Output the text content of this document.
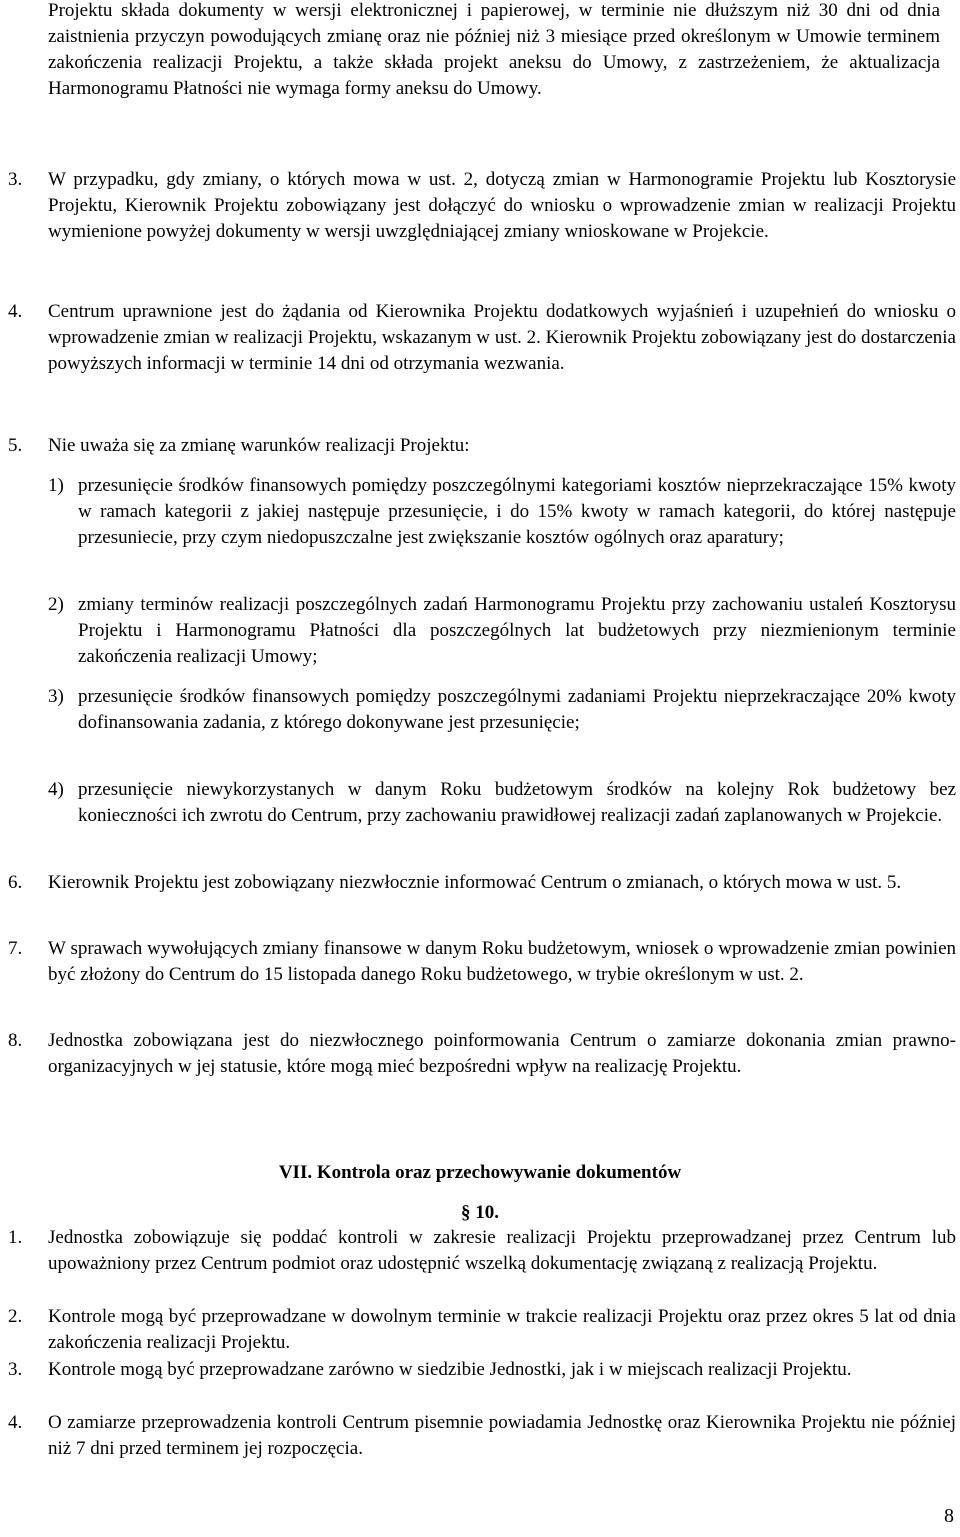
Projektu składa dokumenty w wersji elektronicznej i papierowej, w terminie nie dłuższym niż 30 dni od dnia zaistnienia przyczyn powodujących zmianę oraz nie później niż 3 miesiące przed określonym w Umowie terminem zakończenia realizacji Projektu, a także składa projekt aneksu do Umowy, z zastrzeżeniem, że aktualizacja Harmonogramu Płatności nie wymaga formy aneksu do Umowy.
3. W przypadku, gdy zmiany, o których mowa w ust. 2, dotyczą zmian w Harmonogramie Projektu lub Kosztorysie Projektu, Kierownik Projektu zobowiązany jest dołączyć do wniosku o wprowadzenie zmian w realizacji Projektu wymienione powyżej dokumenty w wersji uwzględniającej zmiany wnioskowane w Projekcie.
4. Centrum uprawnione jest do żądania od Kierownika Projektu dodatkowych wyjaśnień i uzupełnień do wniosku o wprowadzenie zmian w realizacji Projektu, wskazanym w ust. 2. Kierownik Projektu zobowiązany jest do dostarczenia powyższych informacji w terminie 14 dni od otrzymania wezwania.
5. Nie uważa się za zmianę warunków realizacji Projektu:
1) przesunięcie środków finansowych pomiędzy poszczególnymi kategoriami kosztów nieprzekraczające 15% kwoty w ramach kategorii z jakiej następuje przesunięcie, i do 15% kwoty w ramach kategorii, do której następuje przesuniecie, przy czym niedopuszczalne jest zwiększanie kosztów ogólnych oraz aparatury;
2) zmiany terminów realizacji poszczególnych zadań Harmonogramu Projektu przy zachowaniu ustaleń Kosztorysu Projektu i Harmonogramu Płatności dla poszczególnych lat budżetowych przy niezmienionym terminie zakończenia realizacji Umowy;
3) przesunięcie środków finansowych pomiędzy poszczególnymi zadaniami Projektu nieprzekraczające 20% kwoty dofinansowania zadania, z którego dokonywane jest przesunięcie;
4) przesunięcie niewykorzystanych w danym Roku budżetowym środków na kolejny Rok budżetowy bez konieczności ich zwrotu do Centrum, przy zachowaniu prawidłowej realizacji zadań zaplanowanych w Projekcie.
6. Kierownik Projektu jest zobowiązany niezwłocznie informować Centrum o zmianach, o których mowa w ust. 5.
7. W sprawach wywołujących zmiany finansowe w danym Roku budżetowym, wniosek o wprowadzenie zmian powinien być złożony do Centrum do 15 listopada danego Roku budżetowego, w trybie określonym w ust. 2.
8. Jednostka zobowiązana jest do niezwłocznego poinformowania Centrum o zamiarze dokonania zmian prawno-organizacyjnych w jej statusie, które mogą mieć bezpośredni wpływ na realizację Projektu.
VII. Kontrola oraz przechowywanie dokumentów
§ 10.
1. Jednostka zobowiązuje się poddać kontroli w zakresie realizacji Projektu przeprowadzanej przez Centrum lub upoważniony przez Centrum podmiot oraz udostępnić wszelką dokumentację związaną z realizacją Projektu.
2. Kontrole mogą być przeprowadzane w dowolnym terminie w trakcie realizacji Projektu oraz przez okres 5 lat od dnia zakończenia realizacji Projektu.
3. Kontrole mogą być przeprowadzane zarówno w siedzibie Jednostki, jak i w miejscach realizacji Projektu.
4. O zamiarze przeprowadzenia kontroli Centrum pisemnie powiadamia Jednostkę oraz Kierownika Projektu nie później niż 7 dni przed terminem jej rozpoczęcia.
8
